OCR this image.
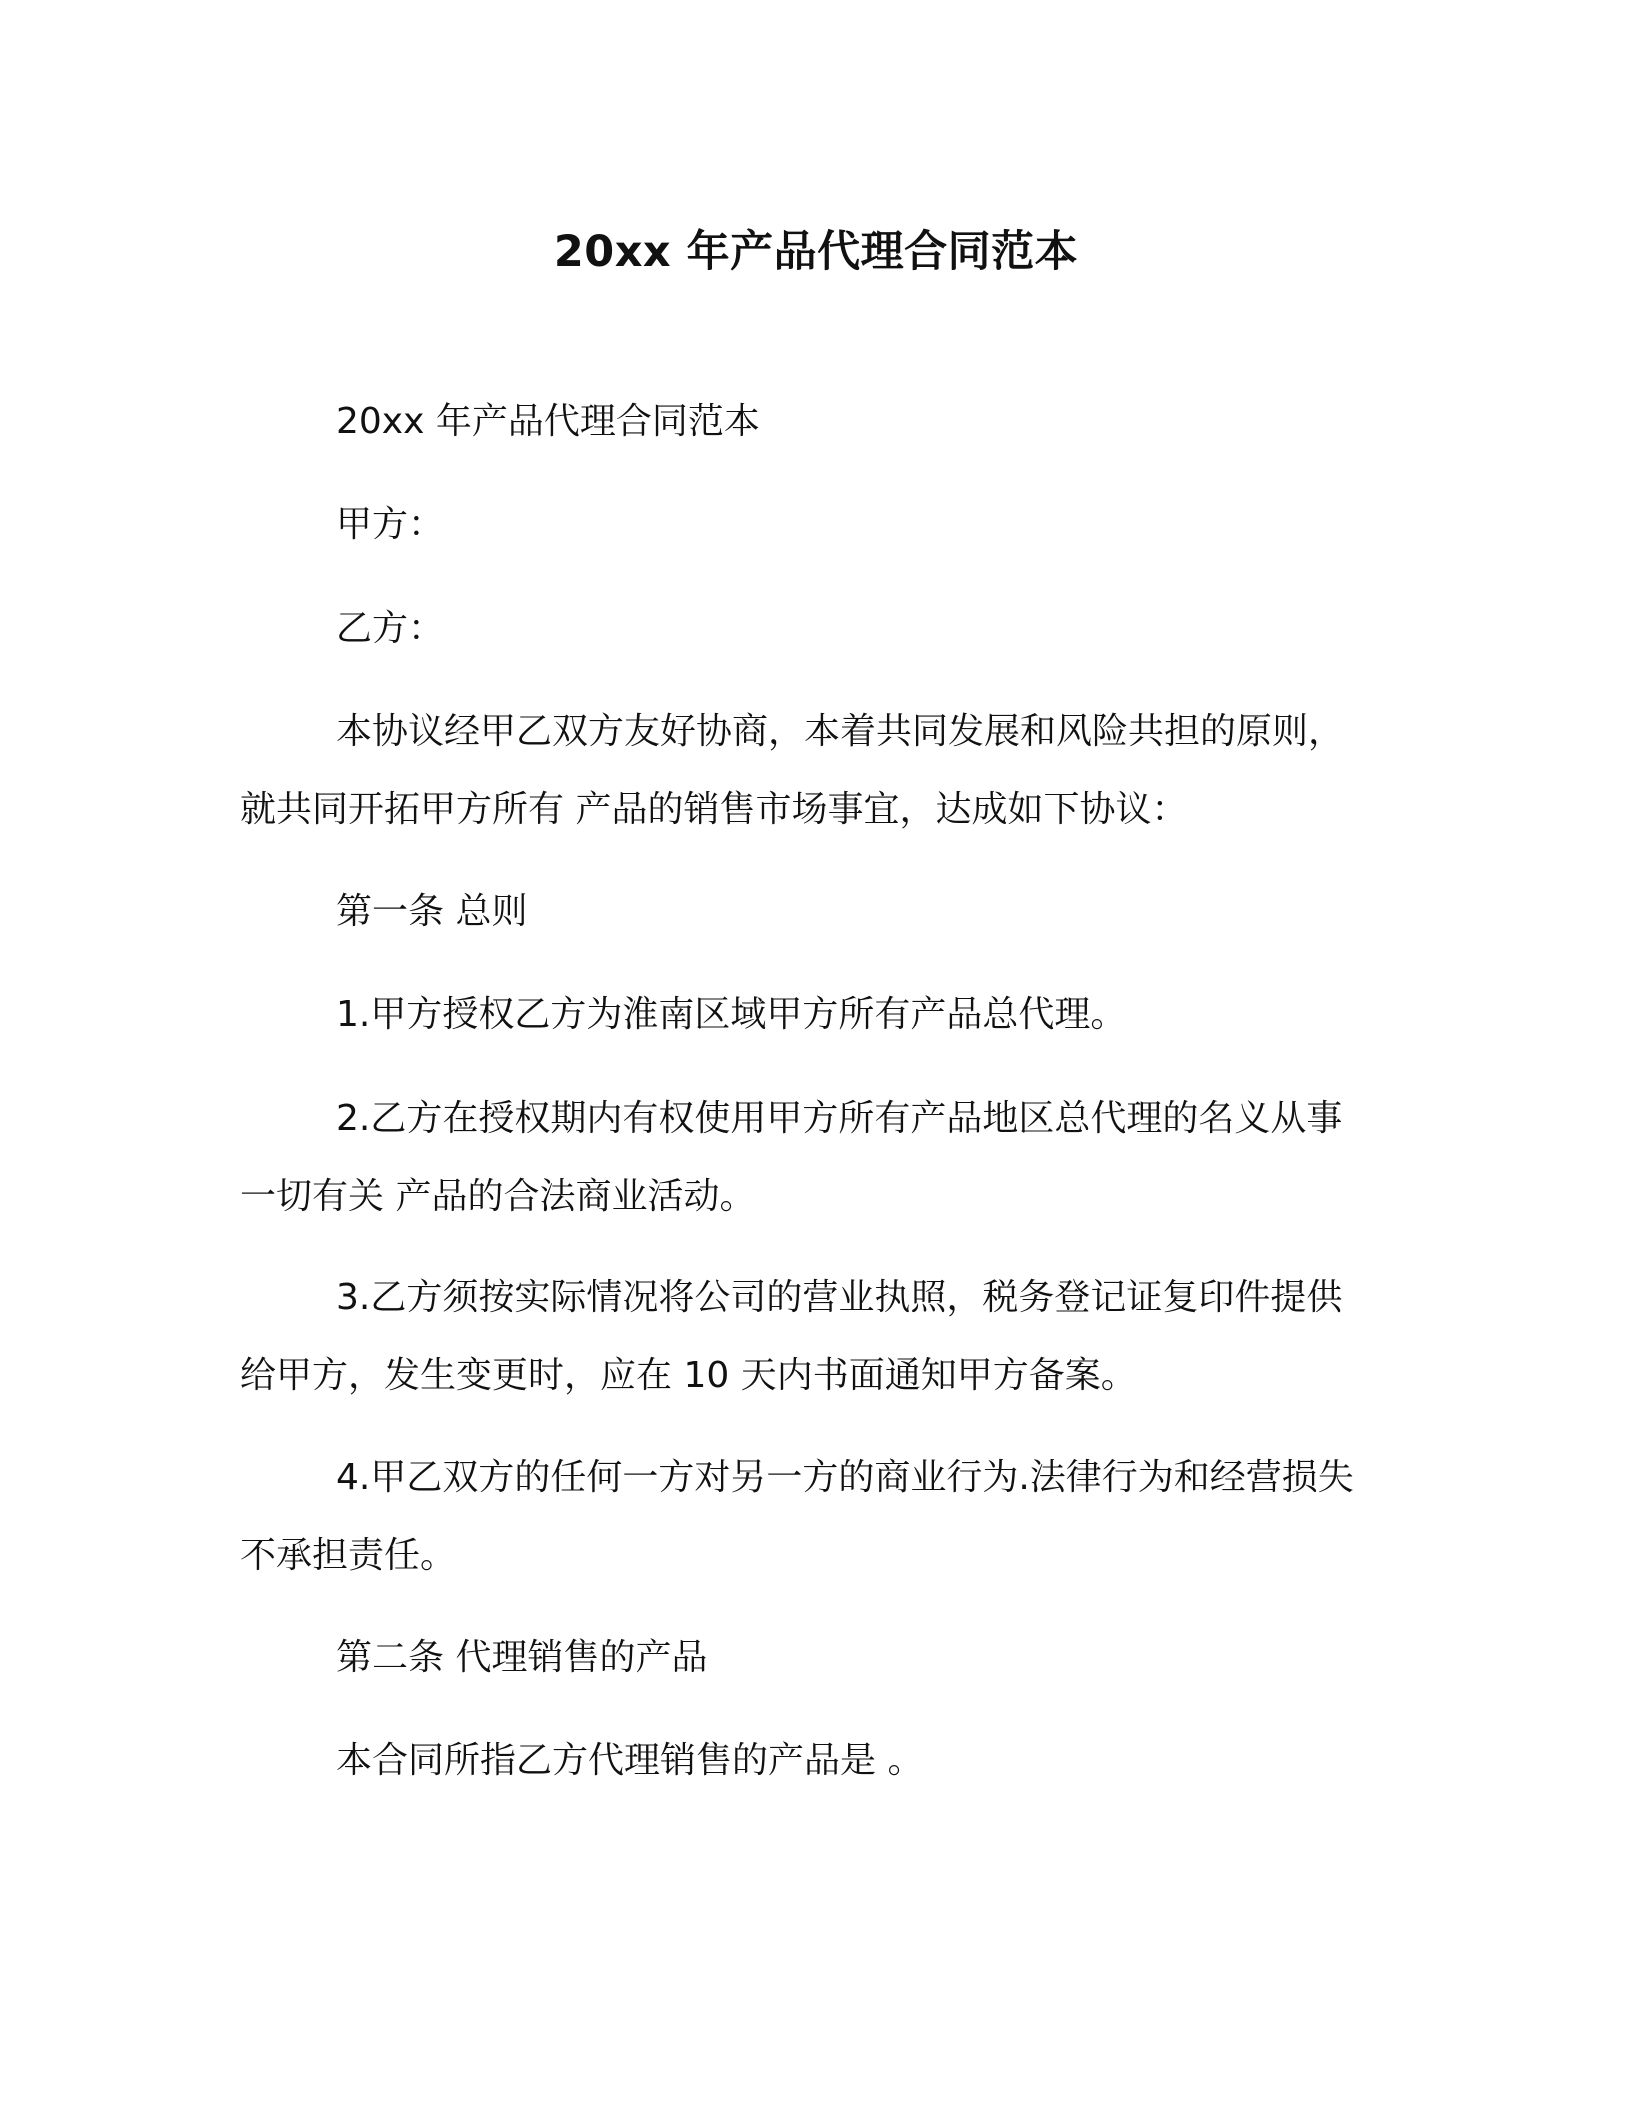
20xx 年产品代理合同范本

20xx 年产品代理合同范本

甲方：

乙方：

本协议经甲乙双方友好协商，本着共同发展和风险共担的原则，
就共同开拓甲方所有 产品的销售市场事宜，达成如下协议：

第一条 总则

1.甲方授权乙方为淮南区域甲方所有产品总代理。

2.乙方在授权期内有权使用甲方所有产品地区总代理的名义从事
一切有关 产品的合法商业活动。

3.乙方须按实际情况将公司的营业执照，税务登记证复印件提供
给甲方，发生变更时，应在 10 天内书面通知甲方备案。

4.甲乙双方的任何一方对另一方的商业行为.法律行为和经营损失
不承担责任。

第二条 代理销售的产品

本合同所指乙方代理销售的产品是 。
